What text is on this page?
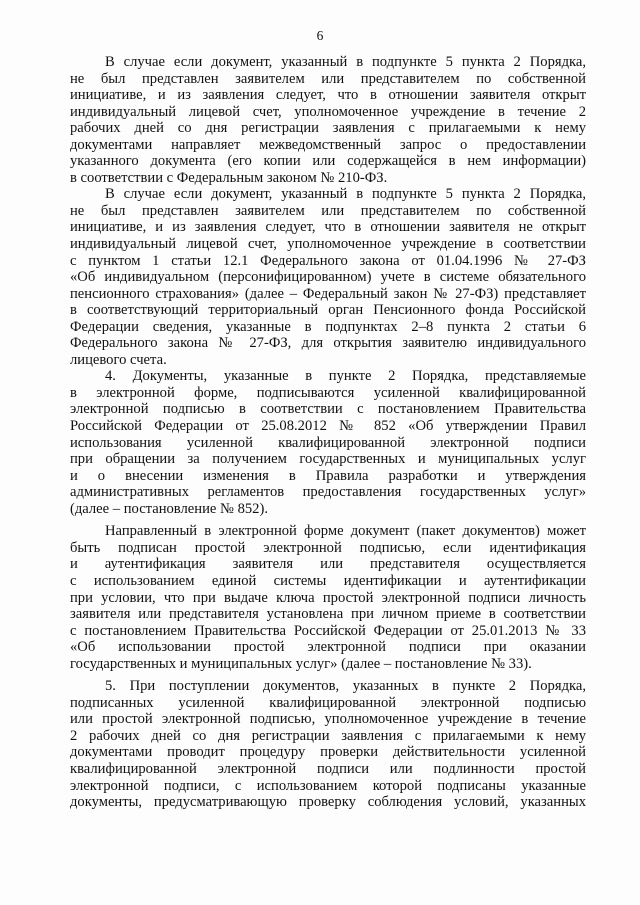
6
В случае если документ, указанный в подпункте 5 пункта 2 Порядка,
не был представлен заявителем или представителем по собственной
инициативе, и из заявления следует, что в отношении заявителя открыт
индивидуальный лицевой счет, уполномоченное учреждение в течение 2
рабочих дней со дня регистрации заявления с прилагаемыми к нему
документами направляет межведомственный запрос о предоставлении
указанного документа (его копии или содержащейся в нем информации)
в соответствии с Федеральным законом № 210-ФЗ.
В случае если документ, указанный в подпункте 5 пункта 2 Порядка,
не был представлен заявителем или представителем по собственной
инициативе, и из заявления следует, что в отношении заявителя не открыт
индивидуальный лицевой счет, уполномоченное учреждение в соответствии
с пунктом 1 статьи 12.1 Федерального закона от 01.04.1996 № 27-ФЗ
«Об индивидуальном (персонифицированном) учете в системе обязательного
пенсионного страхования» (далее – Федеральный закон № 27-ФЗ) представляет
в соответствующий территориальный орган Пенсионного фонда Российской
Федерации сведения, указанные в подпунктах 2–8 пункта 2 статьи 6
Федерального закона № 27-ФЗ, для открытия заявителю индивидуального
лицевого счета.
4. Документы, указанные в пункте 2 Порядка, представляемые
в электронной форме, подписываются усиленной квалифицированной
электронной подписью в соответствии с постановлением Правительства
Российской Федерации от 25.08.2012 № 852 «Об утверждении Правил
использования усиленной квалифицированной электронной подписи
при обращении за получением государственных и муниципальных услуг
и о внесении изменения в Правила разработки и утверждения
административных регламентов предоставления государственных услуг»
(далее – постановление № 852).
Направленный в электронной форме документ (пакет документов) может
быть подписан простой электронной подписью, если идентификация
и аутентификация заявителя или представителя осуществляется
с использованием единой системы идентификации и аутентификации
при условии, что при выдаче ключа простой электронной подписи личность
заявителя или представителя установлена при личном приеме в соответствии
с постановлением Правительства Российской Федерации от 25.01.2013 № 33
«Об использовании простой электронной подписи при оказании
государственных и муниципальных услуг» (далее – постановление № 33).
5. При поступлении документов, указанных в пункте 2 Порядка,
подписанных усиленной квалифицированной электронной подписью
или простой электронной подписью, уполномоченное учреждение в течение
2 рабочих дней со дня регистрации заявления с прилагаемыми к нему
документами проводит процедуру проверки действительности усиленной
квалифицированной электронной подписи или подлинности простой
электронной подписи, с использованием которой подписаны указанные
документы, предусматривающую проверку соблюдения условий, указанных
